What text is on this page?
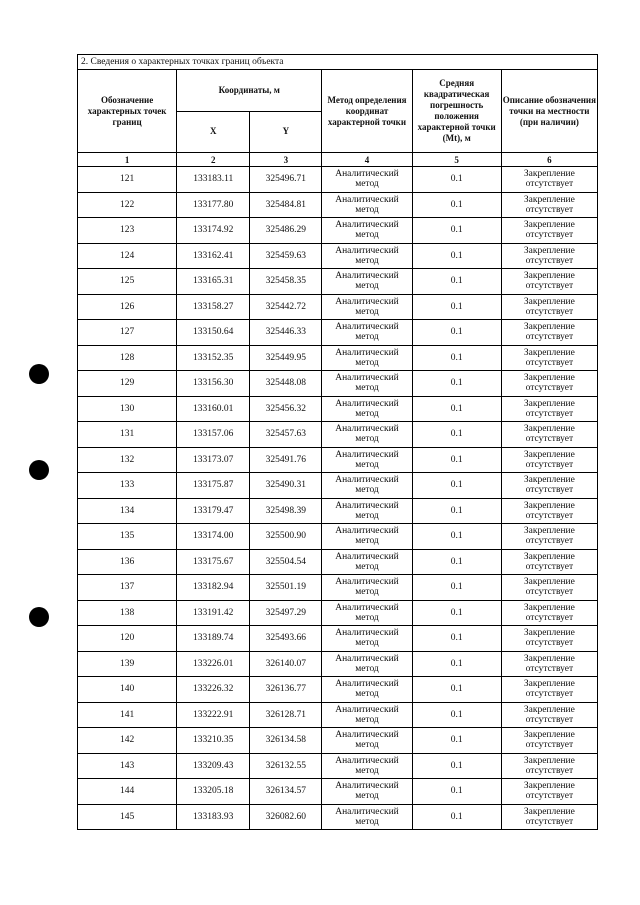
2. Сведения о характерных точках границ объекта					
Обозначение характерных точек границ	Координаты, м		Метод определения координат характерной точки	Средняя квадратическая погрешность положения характерной точки (Mt), м	Описание обозначения точки на местности (при наличии)
	X	Y			
1	2	3	4	5	6
121	133183.11	325496.71	Аналитический метод	0.1	Закрепление отсутствует
122	133177.80	325484.81	Аналитический метод	0.1	Закрепление отсутствует
123	133174.92	325486.29	Аналитический метод	0.1	Закрепление отсутствует
124	133162.41	325459.63	Аналитический метод	0.1	Закрепление отсутствует
125	133165.31	325458.35	Аналитический метод	0.1	Закрепление отсутствует
126	133158.27	325442.72	Аналитический метод	0.1	Закрепление отсутствует
127	133150.64	325446.33	Аналитический метод	0.1	Закрепление отсутствует
128	133152.35	325449.95	Аналитический метод	0.1	Закрепление отсутствует
129	133156.30	325448.08	Аналитический метод	0.1	Закрепление отсутствует
130	133160.01	325456.32	Аналитический метод	0.1	Закрепление отсутствует
131	133157.06	325457.63	Аналитический метод	0.1	Закрепление отсутствует
132	133173.07	325491.76	Аналитический метод	0.1	Закрепление отсутствует
133	133175.87	325490.31	Аналитический метод	0.1	Закрепление отсутствует
134	133179.47	325498.39	Аналитический метод	0.1	Закрепление отсутствует
135	133174.00	325500.90	Аналитический метод	0.1	Закрепление отсутствует
136	133175.67	325504.54	Аналитический метод	0.1	Закрепление отсутствует
137	133182.94	325501.19	Аналитический метод	0.1	Закрепление отсутствует
138	133191.42	325497.29	Аналитический метод	0.1	Закрепление отсутствует
120	133189.74	325493.66	Аналитический метод	0.1	Закрепление отсутствует
139	133226.01	326140.07	Аналитический метод	0.1	Закрепление отсутствует
140	133226.32	326136.77	Аналитический метод	0.1	Закрепление отсутствует
141	133222.91	326128.71	Аналитический метод	0.1	Закрепление отсутствует
142	133210.35	326134.58	Аналитический метод	0.1	Закрепление отсутствует
143	133209.43	326132.55	Аналитический метод	0.1	Закрепление отсутствует
144	133205.18	326134.57	Аналитический метод	0.1	Закрепление отсутствует
145	133183.93	326082.60	Аналитический метод	0.1	Закрепление отсутствует
